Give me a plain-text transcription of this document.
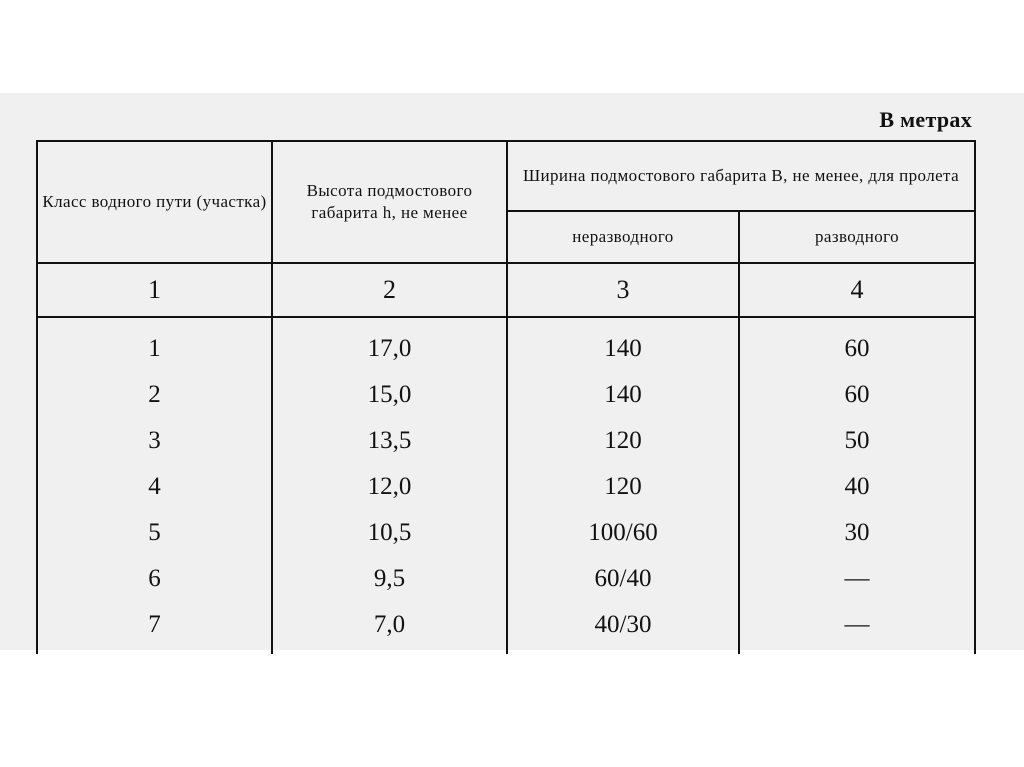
В метрах
Класс водного пути (участка)	Высота подмостового габарита h, не менее	Ширина подмостового габарита B, не менее, для пролета	
		неразводного	разводного
1	2	3	4
1	17,0	140	60
2	15,0	140	60
3	13,5	120	50
4	12,0	120	40
5	10,5	100/60	30
6	9,5	60/40	—
7	7,0	40/30	—
